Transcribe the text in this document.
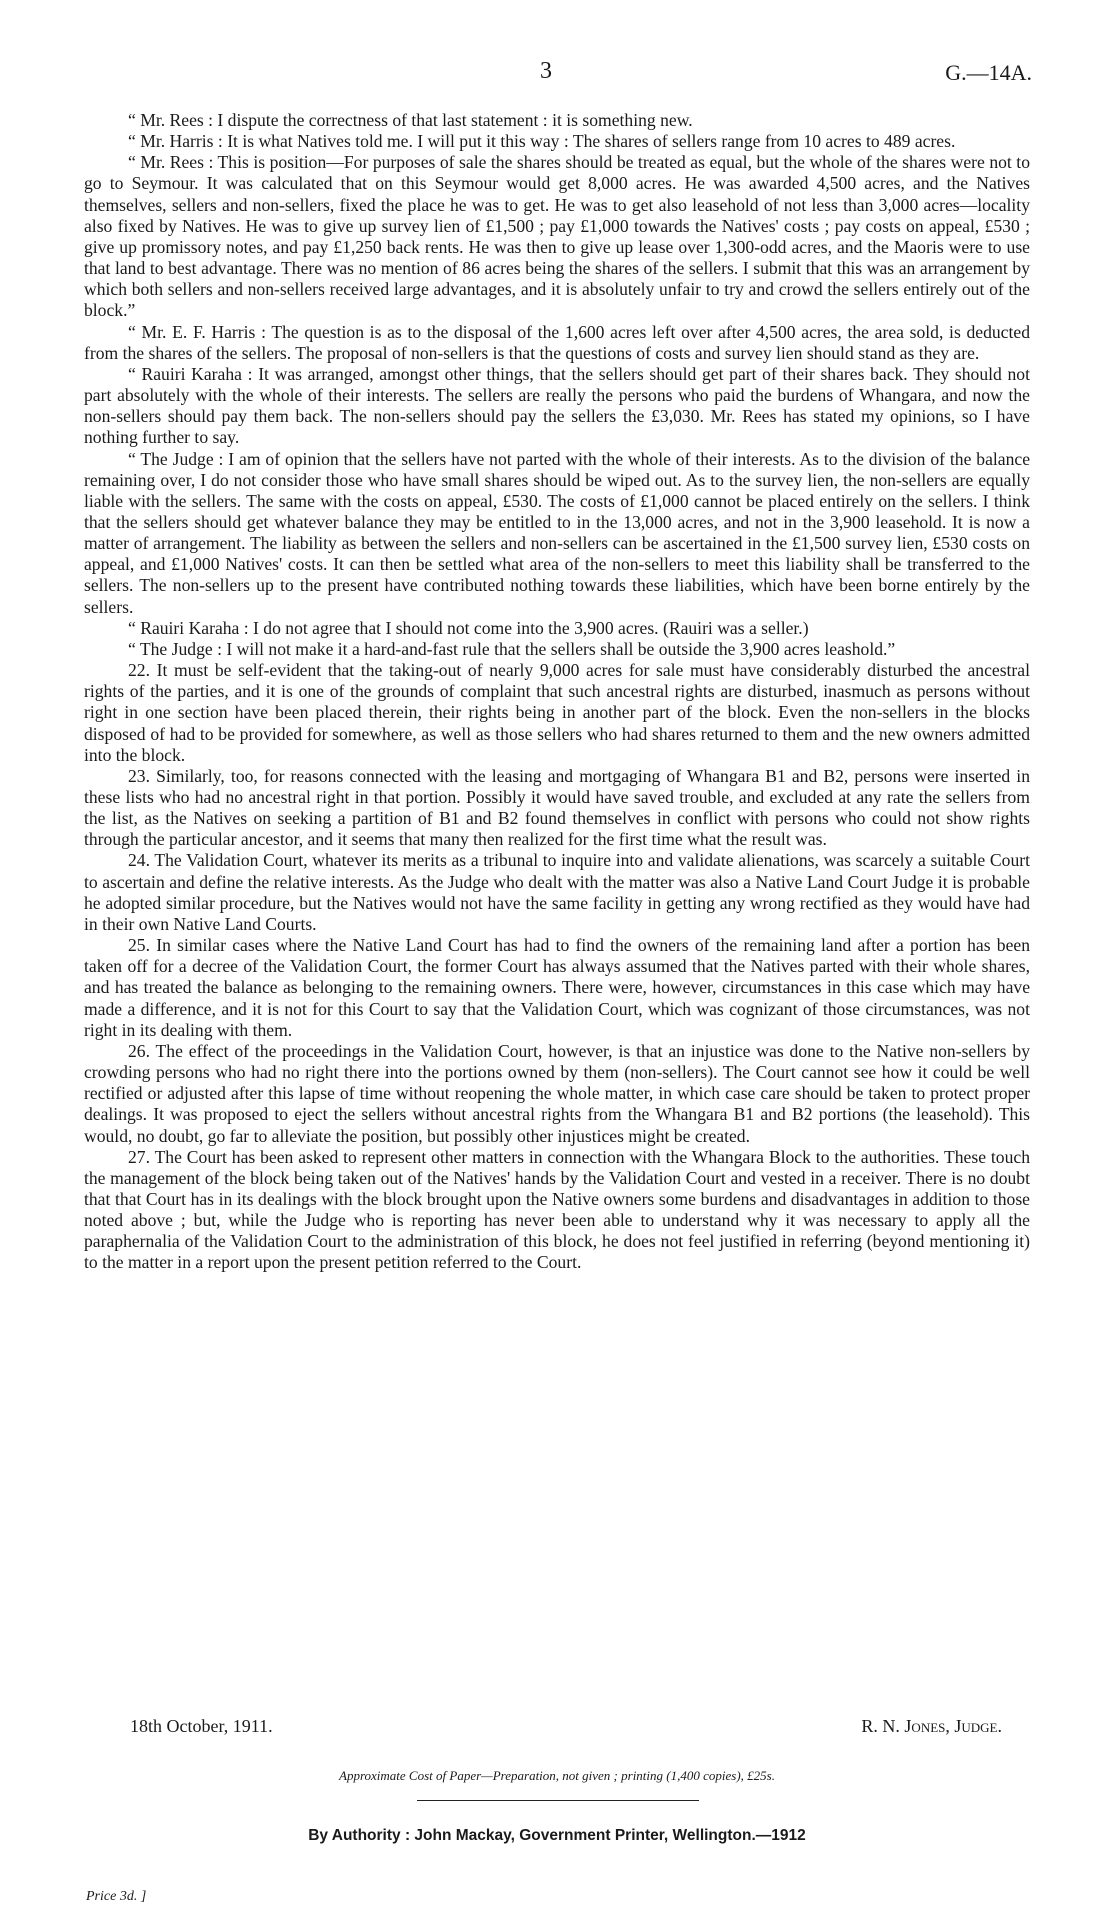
3	G.—14A.

“ Mr. Rees : I dispute the correctness of that last statement : it is something new.

“ Mr. Harris : It is what Natives told me. I will put it this way : The shares of sellers range from 10 acres to 489 acres.

“ Mr. Rees : This is position—For purposes of sale the shares should be treated as equal, but the whole of the shares were not to go to Seymour. It was calculated that on this Seymour would get 8,000 acres. He was awarded 4,500 acres, and the Natives themselves, sellers and non-sellers, fixed the place he was to get. He was to get also leasehold of not less than 3,000 acres—locality also fixed by Natives. He was to give up survey lien of £1,500 ; pay £1,000 towards the Natives' costs ; pay costs on appeal, £530 ; give up promissory notes, and pay £1,250 back rents. He was then to give up lease over 1,300-odd acres, and the Maoris were to use that land to best advantage. There was no mention of 86 acres being the shares of the sellers. I submit that this was an arrangement by which both sellers and non-sellers received large advantages, and it is absolutely unfair to try and crowd the sellers entirely out of the block.”

“ Mr. E. F. Harris : The question is as to the disposal of the 1,600 acres left over after 4,500 acres, the area sold, is deducted from the shares of the sellers. The proposal of non-sellers is that the questions of costs and survey lien should stand as they are.

“ Rauiri Karaha : It was arranged, amongst other things, that the sellers should get part of their shares back. They should not part absolutely with the whole of their interests. The sellers are really the persons who paid the burdens of Whangara, and now the non-sellers should pay them back. The non-sellers should pay the sellers the £3,030. Mr. Rees has stated my opinions, so I have nothing further to say.

“ The Judge : I am of opinion that the sellers have not parted with the whole of their interests. As to the division of the balance remaining over, I do not consider those who have small shares should be wiped out. As to the survey lien, the non-sellers are equally liable with the sellers. The same with the costs on appeal, £530. The costs of £1,000 cannot be placed entirely on the sellers. I think that the sellers should get whatever balance they may be entitled to in the 13,000 acres, and not in the 3,900 leasehold. It is now a matter of arrangement. The liability as between the sellers and non-sellers can be ascertained in the £1,500 survey lien, £530 costs on appeal, and £1,000 Natives' costs. It can then be settled what area of the non-sellers to meet this liability shall be transferred to the sellers. The non-sellers up to the present have contributed nothing towards these liabilities, which have been borne entirely by the sellers.

“ Rauiri Karaha : I do not agree that I should not come into the 3,900 acres. (Rauiri was a seller.)

“ The Judge : I will not make it a hard-and-fast rule that the sellers shall be outside the 3,900 acres leashold.”

22. It must be self-evident that the taking-out of nearly 9,000 acres for sale must have considerably disturbed the ancestral rights of the parties, and it is one of the grounds of complaint that such ancestral rights are disturbed, inasmuch as persons without right in one section have been placed therein, their rights being in another part of the block. Even the non-sellers in the blocks disposed of had to be provided for somewhere, as well as those sellers who had shares returned to them and the new owners admitted into the block.

23. Similarly, too, for reasons connected with the leasing and mortgaging of Whangara B1 and B2, persons were inserted in these lists who had no ancestral right in that portion. Possibly it would have saved trouble, and excluded at any rate the sellers from the list, as the Natives on seeking a partition of B1 and B2 found themselves in conflict with persons who could not show rights through the particular ancestor, and it seems that many then realized for the first time what the result was.

24. The Validation Court, whatever its merits as a tribunal to inquire into and validate alienations, was scarcely a suitable Court to ascertain and define the relative interests. As the Judge who dealt with the matter was also a Native Land Court Judge it is probable he adopted similar procedure, but the Natives would not have the same facility in getting any wrong rectified as they would have had in their own Native Land Courts.

25. In similar cases where the Native Land Court has had to find the owners of the remaining land after a portion has been taken off for a decree of the Validation Court, the former Court has always assumed that the Natives parted with their whole shares, and has treated the balance as belonging to the remaining owners. There were, however, circumstances in this case which may have made a difference, and it is not for this Court to say that the Validation Court, which was cognizant of those circumstances, was not right in its dealing with them.

26. The effect of the proceedings in the Validation Court, however, is that an injustice was done to the Native non-sellers by crowding persons who had no right there into the portions owned by them (non-sellers). The Court cannot see how it could be well rectified or adjusted after this lapse of time without reopening the whole matter, in which case care should be taken to protect proper dealings. It was proposed to eject the sellers without ancestral rights from the Whangara B1 and B2 portions (the leasehold). This would, no doubt, go far to alleviate the position, but possibly other injustices might be created.

27. The Court has been asked to represent other matters in connection with the Whangara Block to the authorities. These touch the management of the block being taken out of the Natives' hands by the Validation Court and vested in a receiver. There is no doubt that that Court has in its dealings with the block brought upon the Native owners some burdens and disadvantages in addition to those noted above ; but, while the Judge who is reporting has never been able to understand why it was necessary to apply all the paraphernalia of the Validation Court to the administration of this block, he does not feel justified in referring (beyond mentioning it) to the matter in a report upon the present petition referred to the Court.

18th October, 1911.	R. N. Jones, Judge.
Approximate Cost of Paper—Preparation, not given ; printing (1,400 copies), £25s.
By Authority : John Mackay, Government Printer, Wellington.—1912
Price 3d. ]
